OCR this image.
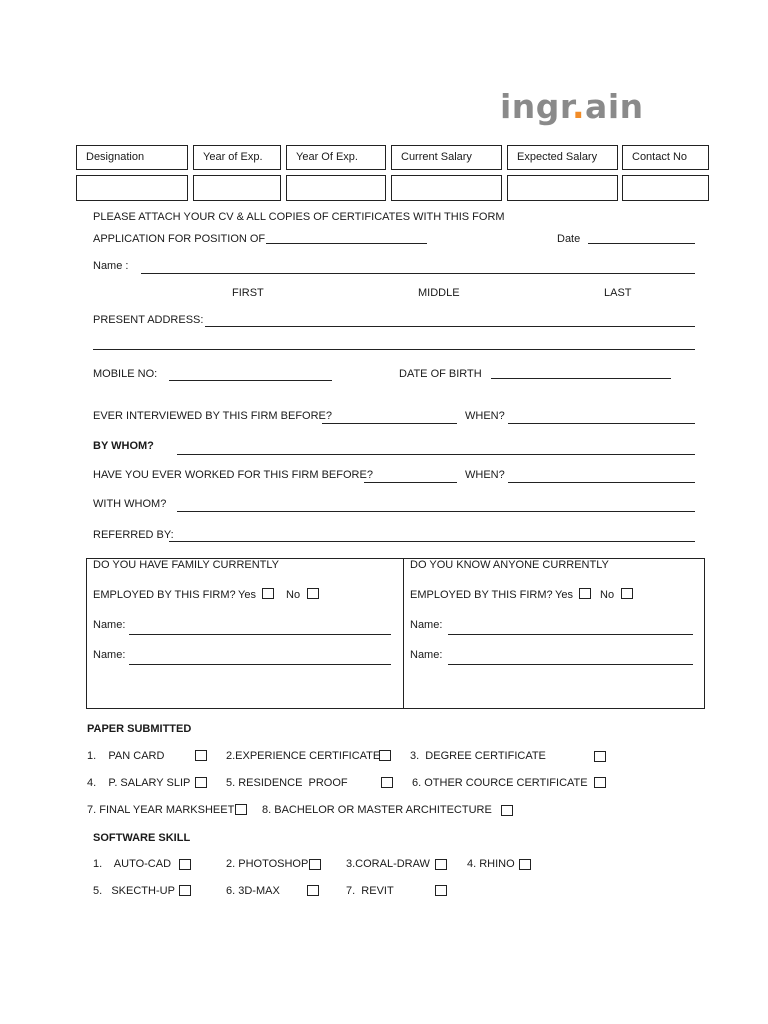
ingr.ain
Designation	Year of Exp.	Year Of Exp.	Current Salary	Expected Salary	Contact No
PLEASE ATTACH YOUR CV & ALL COPIES OF CERTIFICATES WITH THIS FORM
APPLICATION FOR POSITION OF	Date
Name :
FIRST	MIDDLE	LAST
PRESENT ADDRESS:
MOBILE NO:	DATE OF BIRTH
EVER INTERVIEWED BY THIS FIRM BEFORE?	WHEN?
BY WHOM?
HAVE YOU EVER WORKED FOR THIS FIRM BEFORE?	WHEN?
WITH WHOM?
REFERRED BY:
DO YOU HAVE FAMILY CURRENTLY
EMPLOYED BY THIS FIRM? Yes	No
Name:
Name:
DO YOU KNOW ANYONE CURRENTLY
EMPLOYED BY THIS FIRM? Yes No
Name:
Name:
PAPER SUBMITTED
1.    PAN CARD	2.EXPERIENCE CERTIFICATE	3.  DEGREE CERTIFICATE
4.    P. SALARY SLIP	5. RESIDENCE  PROOF	6. OTHER COURCE CERTIFICATE
7. FINAL YEAR MARKSHEET	8. BACHELOR OR MASTER ARCHITECTURE
SOFTWARE SKILL
1.    AUTO-CAD	2. PHOTOSHOP	3.CORAL-DRAW	4. RHINO
5.   SKECTH-UP	6. 3D-MAX	7.  REVIT
